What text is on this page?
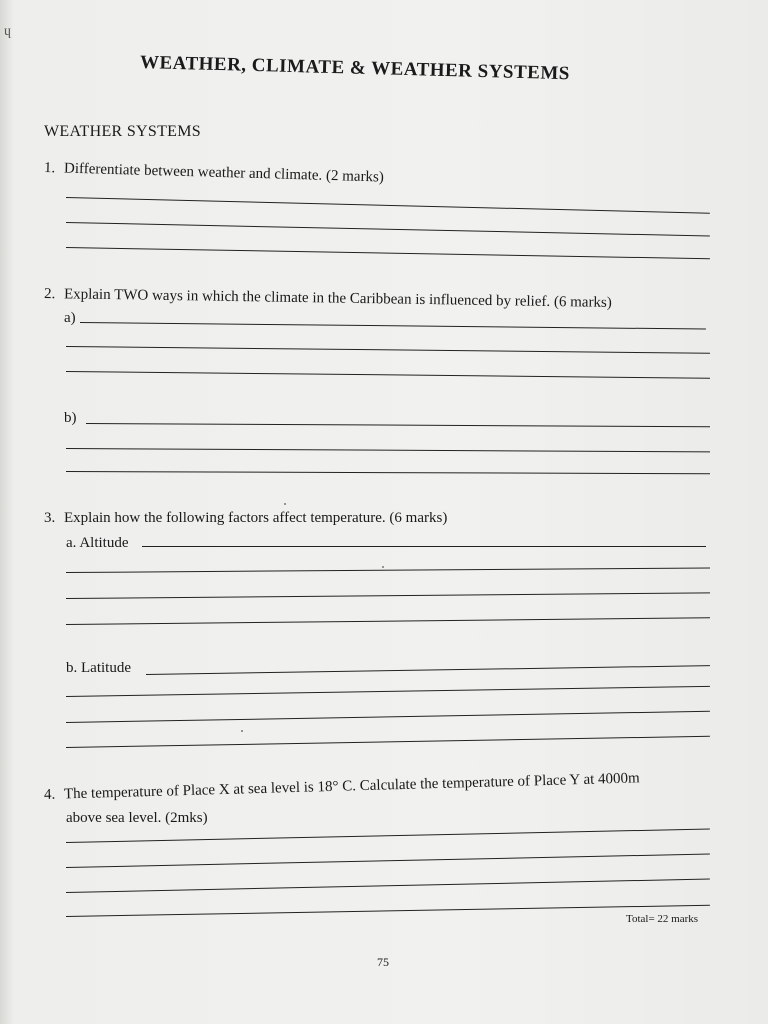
ɥ
WEATHER, CLIMATE & WEATHER SYSTEMS
WEATHER SYSTEMS
1. Differentiate between weather and climate. (2 marks)
2. Explain TWO ways in which the climate in the Caribbean is influenced by relief. (6 marks)
a)
b)
3. Explain how the following factors affect temperature. (6 marks)
a. Altitude
b. Latitude
4. The temperature of Place X at sea level is 18° C. Calculate the temperature of Place Y at 4000m
above sea level. (2mks)
Total= 22 marks
75
